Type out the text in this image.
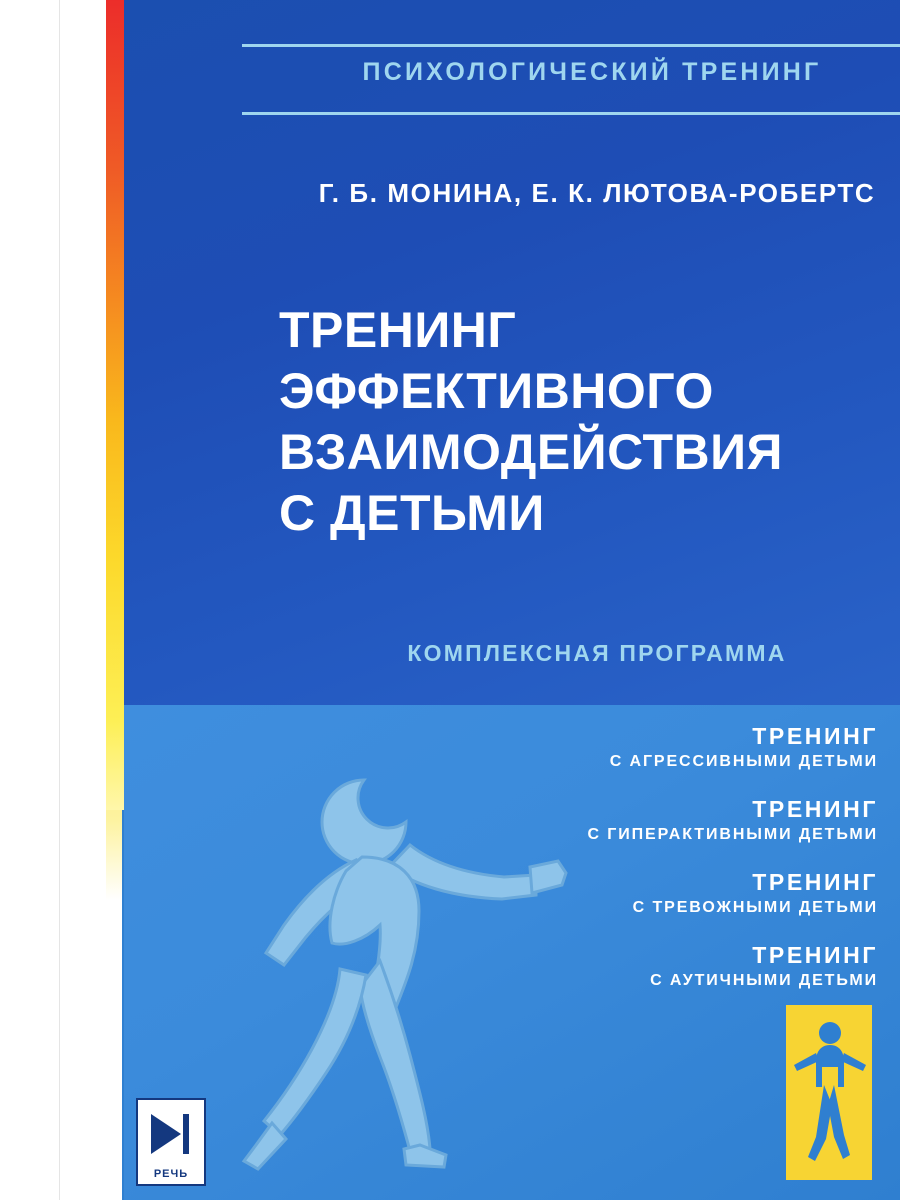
ПСИХОЛОГИЧЕСКИЙ ТРЕНИНГ
Г. Б. МОНИНА, Е. К. ЛЮТОВА-РОБЕРТС
ТРЕНИНГ
ЭФФЕКТИВНОГО
ВЗАИМОДЕЙСТВИЯ
С ДЕТЬМИ
КОМПЛЕКСНАЯ ПРОГРАММА
ТРЕНИНГ
С АГРЕССИВНЫМИ ДЕТЬМИ
ТРЕНИНГ
С ГИПЕРАКТИВНЫМИ ДЕТЬМИ
ТРЕНИНГ
С ТРЕВОЖНЫМИ ДЕТЬМИ
ТРЕНИНГ
С АУТИЧНЫМИ ДЕТЬМИ
РЕЧЬ
